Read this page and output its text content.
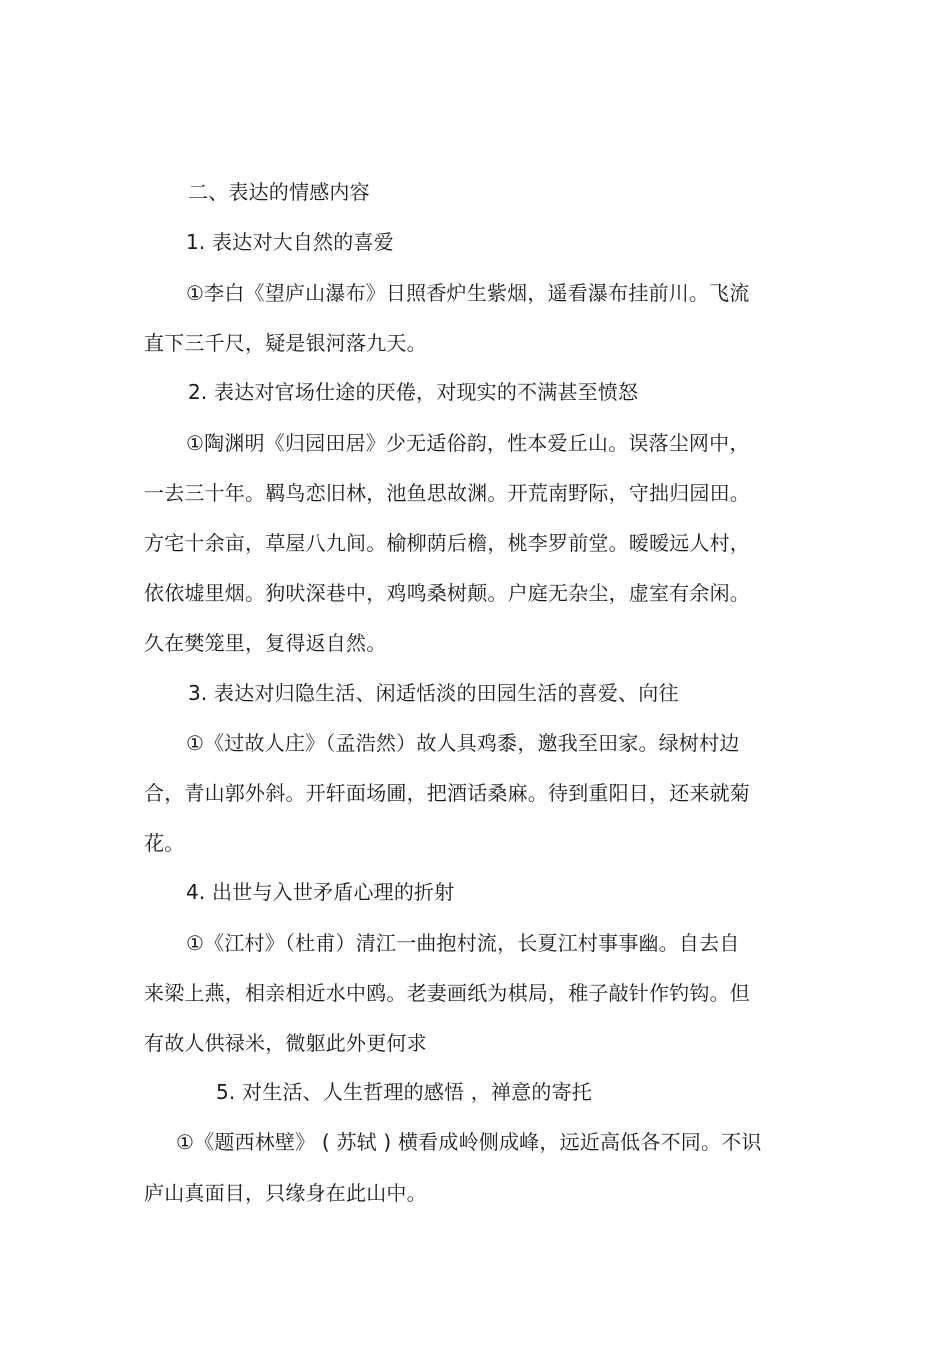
二、表达的情感内容

1. 表达对大自然的喜爱

①李白《望庐山瀑布》日照香炉生紫烟，遥看瀑布挂前川。飞流

直下三千尺，疑是银河落九天。

2. 表达对官场仕途的厌倦，对现实的不满甚至愤怒

①陶渊明《归园田居》少无适俗韵，性本爱丘山。误落尘网中，

一去三十年。羁鸟恋旧林，池鱼思故渊。开荒南野际，守拙归园田。

方宅十余亩，草屋八九间。榆柳荫后檐，桃李罗前堂。暧暧远人村，

依依墟里烟。狗吠深巷中，鸡鸣桑树颠。户庭无杂尘，虚室有余闲。

久在樊笼里，复得返自然。

3. 表达对归隐生活、闲适恬淡的田园生活的喜爱、向往

①《过故人庄》（孟浩然）故人具鸡黍，邀我至田家。绿树村边

合，青山郭外斜。开轩面场圃，把酒话桑麻。待到重阳日，还来就菊

花。

4. 出世与入世矛盾心理的折射

①《江村》（杜甫）清江一曲抱村流，长夏江村事事幽。自去自

来梁上燕，相亲相近水中鸥。老妻画纸为棋局，稚子敲针作钓钩。但

有故人供禄米，微躯此外更何求

5. 对生活、人生哲理的感悟 ，禅意的寄托

①《题西林壁》 ( 苏轼 ) 横看成岭侧成峰，远近高低各不同。不识

庐山真面目，只缘身在此山中。
